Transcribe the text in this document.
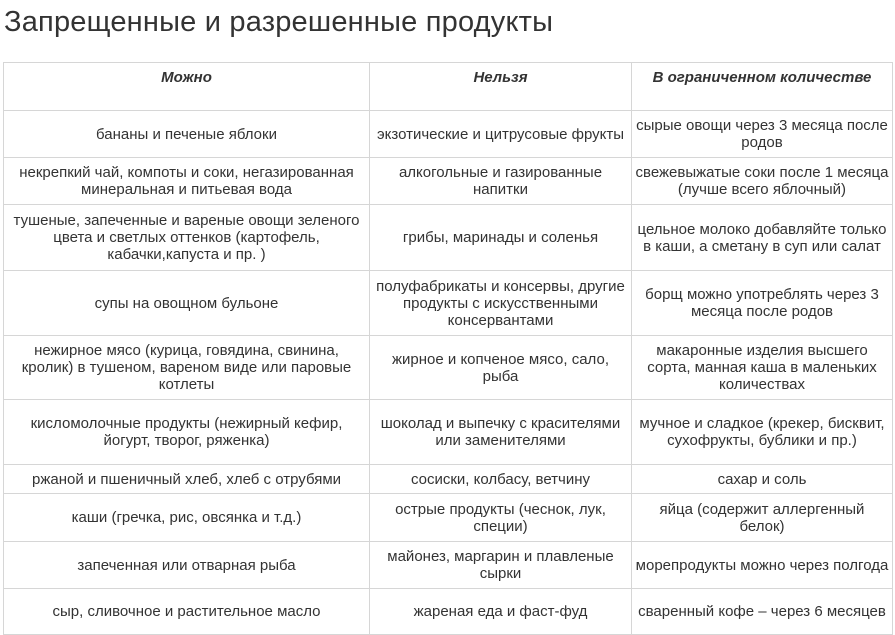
Запрещенные и разрешенные продукты
Можно	Нельзя	В ограниченном количестве
бананы и печеные яблоки	экзотические и цитрусовые фрукты	сырые овощи через 3 месяца после родов
некрепкий чай, компоты и соки, негазированная минеральная и питьевая вода	алкогольные и газированные напитки	свежевыжатые соки после 1 месяца (лучше всего яблочный)
тушеные, запеченные и вареные овощи зеленого цвета и светлых оттенков (картофель, кабачки,капуста и пр. )	грибы, маринады и соленья	цельное молоко добавляйте только в каши, а сметану в суп или салат
супы на овощном бульоне	полуфабрикаты и консервы, другие продукты с искусственными консервантами	борщ можно употреблять через 3 месяца после родов
нежирное мясо (курица, говядина, свинина, кролик) в тушеном, вареном виде или паровые котлеты	жирное и копченое мясо, сало, рыба	макаронные изделия высшего сорта, манная каша в маленьких количествах
кисломолочные продукты (нежирный кефир, йогурт, творог, ряженка)	шоколад и выпечку с красителями или заменителями	мучное и сладкое (крекер, бисквит, сухофрукты, бублики и пр.)
ржаной и пшеничный хлеб, хлеб с отрубями	сосиски, колбасу, ветчину	сахар и соль
каши (гречка, рис, овсянка и т.д.)	острые продукты (чеснок, лук, специи)	яйца (содержит аллергенный белок)
запеченная или отварная рыба	майонез, маргарин и плавленые сырки	морепродукты можно через полгода
сыр, сливочное и растительное масло	жареная еда и фаст-фуд	сваренный кофе – через 6 месяцев
